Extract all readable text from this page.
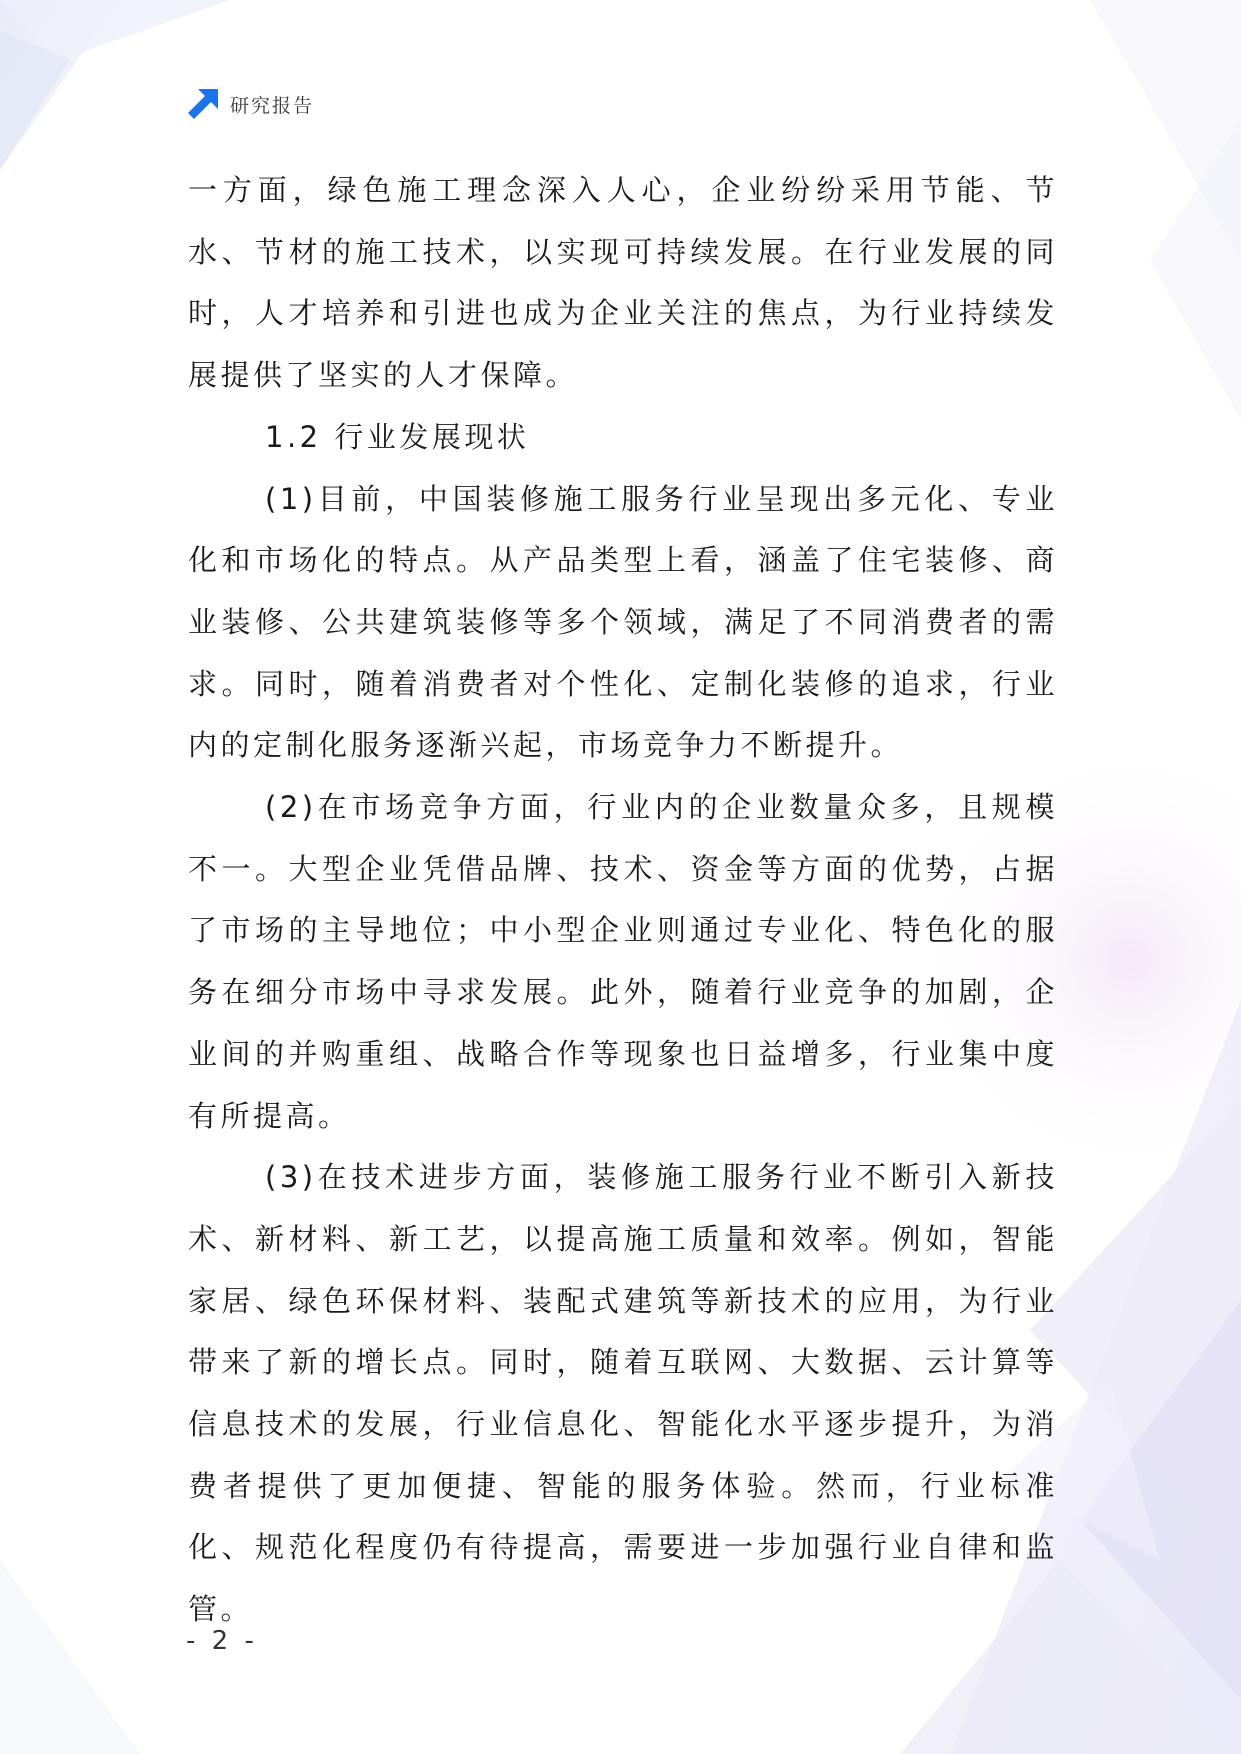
研究报告

一方面，绿色施工理念深入人心，企业纷纷采用节能、节水、节材的施工技术，以实现可持续发展。在行业发展的同时，人才培养和引进也成为企业关注的焦点，为行业持续发展提供了坚实的人才保障。

1.2 行业发展现状

(1)目前，中国装修施工服务行业呈现出多元化、专业化和市场化的特点。从产品类型上看，涵盖了住宅装修、商业装修、公共建筑装修等多个领域，满足了不同消费者的需求。同时，随着消费者对个性化、定制化装修的追求，行业内的定制化服务逐渐兴起，市场竞争力不断提升。

(2)在市场竞争方面，行业内的企业数量众多，且规模不一。大型企业凭借品牌、技术、资金等方面的优势，占据了市场的主导地位；中小型企业则通过专业化、特色化的服务在细分市场中寻求发展。此外，随着行业竞争的加剧，企业间的并购重组、战略合作等现象也日益增多，行业集中度有所提高。

(3)在技术进步方面，装修施工服务行业不断引入新技术、新材料、新工艺，以提高施工质量和效率。例如，智能家居、绿色环保材料、装配式建筑等新技术的应用，为行业带来了新的增长点。同时，随着互联网、大数据、云计算等信息技术的发展，行业信息化、智能化水平逐步提升，为消费者提供了更加便捷、智能的服务体验。然而，行业标准化、规范化程度仍有待提高，需要进一步加强行业自律和监管。

- 2 -
